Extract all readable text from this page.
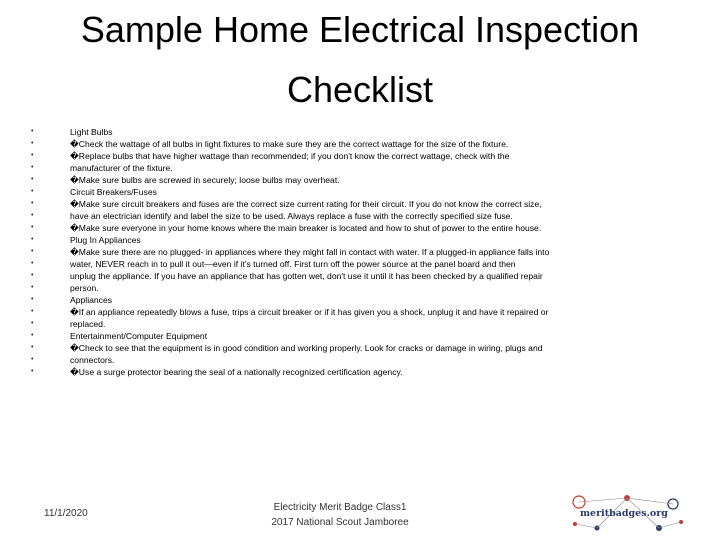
Sample Home Electrical Inspection
Checklist
• Light Bulbs
• �Check the wattage of all bulbs in light fixtures to make sure they are the correct wattage for the size of the fixture.
• �Replace bulbs that have higher wattage than recommended; if you don't know the correct wattage, check with the
• manufacturer of the fixture.
• �Make sure bulbs are screwed in securely; loose bulbs may overheat.
• Circuit Breakers/Fuses
• �Make sure circuit breakers and fuses are the correct size current rating for their circuit. If you do not know the correct size,
• have an electrician identify and label the size to be used. Always replace a fuse with the correctly specified size fuse.
• �Make sure everyone in your home knows where the main breaker is located and how to shut of power to the entire house.
• Plug In Appliances
• �Make sure there are no plugged- in appliances where they might fall in contact with water. If a plugged-in appliance falls into
• water, NEVER reach in to pull it out—even if it's turned off. First turn off the power source at the panel board and then
• unplug the appliance. If you have an appliance that has gotten wet, don't use it until it has been checked by a qualified repair
• person.
• Appliances
• �If an appliance repeatedly blows a fuse, trips a circuit breaker or if it has given you a shock, unplug it and have it repaired or
• replaced.
• Entertainment/Computer Equipment
• �Check to see that the equipment is in good condition and working properly. Look for cracks or damage in wiring, plugs and
• connectors.
• �Use a surge protector bearing the seal of a nationally recognized certification agency.
11/1/2020
Electricity Merit Badge Class1
2017 National Scout Jamboree
meritbadges.org
